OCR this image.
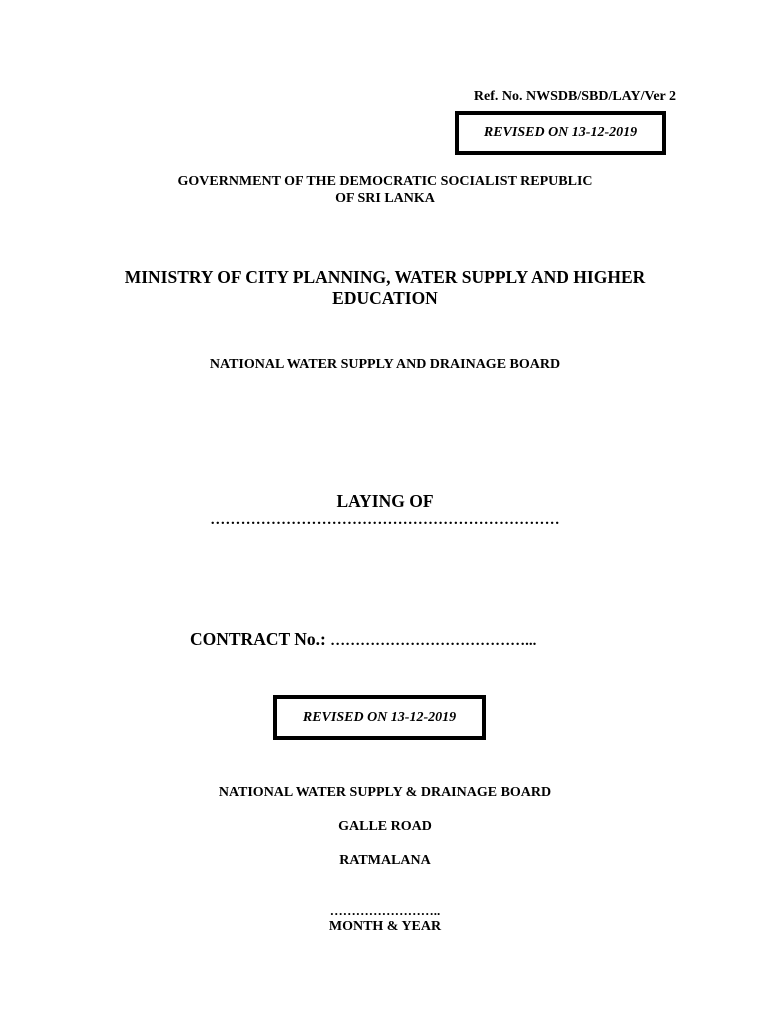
Ref. No. NWSDB/SBD/LAY/Ver 2
REVISED ON 13-12-2019
GOVERNMENT OF THE DEMOCRATIC SOCIALIST REPUBLIC
OF SRI LANKA
MINISTRY OF CITY PLANNING, WATER SUPPLY AND HIGHER
EDUCATION
NATIONAL WATER SUPPLY AND DRAINAGE BOARD
LAYING OF
……………………………………………………………
CONTRACT No.: …………………………………...
REVISED ON 13-12-2019
NATIONAL WATER SUPPLY & DRAINAGE BOARD
GALLE ROAD
RATMALANA
……………………..
MONTH & YEAR
